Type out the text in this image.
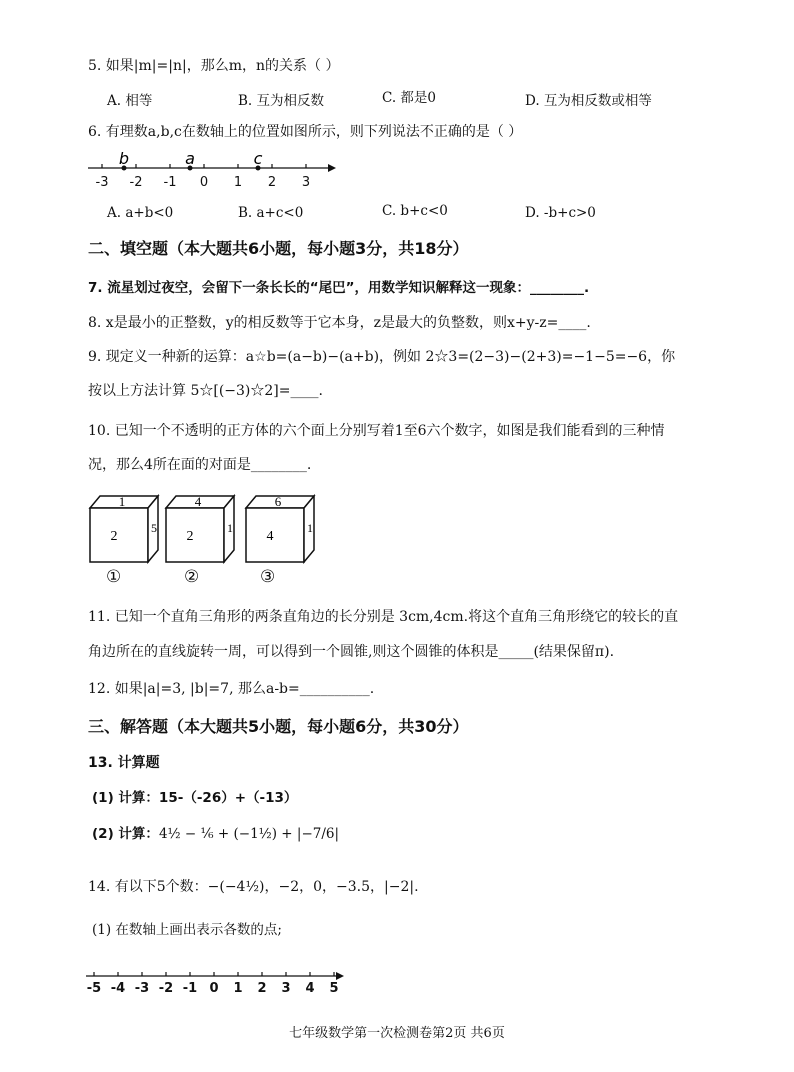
5. 如果|m|=|n|，那么m，n的关系（ ）
A. 相等	B. 互为相反数	C. 都是0	D. 互为相反数或相等
6. 有理数a,b,c在数轴上的位置如图所示，则下列说法不正确的是（ ）
-3 -2 -1 0 1 2 3
b	a	c
A. a+b<0	B. a+c<0	C. b+c<0	D. -b+c>0
二、填空题（本大题共6小题，每小题3分，共18分）
7. 流星划过夜空，会留下一条长长的“尾巴”，用数学知识解释这一现象：________.
8. x是最小的正整数，y的相反数等于它本身，z是最大的负整数，则x+y-z=____.
9. 现定义一种新的运算：a☆b=(a−b)−(a+b)，例如 2☆3=(2−3)−(2+3)=−1−5=−6，你
按以上方法计算 5☆[(−3)☆2]=____.
10. 已知一个不透明的正方体的六个面上分别写着1至6六个数字，如图是我们能看到的三种情
况，那么4所在面的对面是________.
1
2
5
4
2
1
6
4
1
①	②	③
11. 已知一个直角三角形的两条直角边的长分别是 3cm,4cm.将这个直角三角形绕它的较长的直
角边所在的直线旋转一周，可以得到一个圆锥,则这个圆锥的体积是_____(结果保留π).
12. 如果|a|=3, |b|=7, 那么a-b=__________.
三、解答题（本大题共5小题，每小题6分，共30分）
13. 计算题
(1) 计算：15-（-26）+（-13）
(2) 计算：4½ − ⅙ + (−1½) + |−7/6|
14. 有以下5个数：−(−4½)，−2，0，−3.5，|−2|.
(1) 在数轴上画出表示各数的点;
-5 -4 -3 -2 -1 0 1 2 3 4 5
七年级数学第一次检测卷第2页 共6页
